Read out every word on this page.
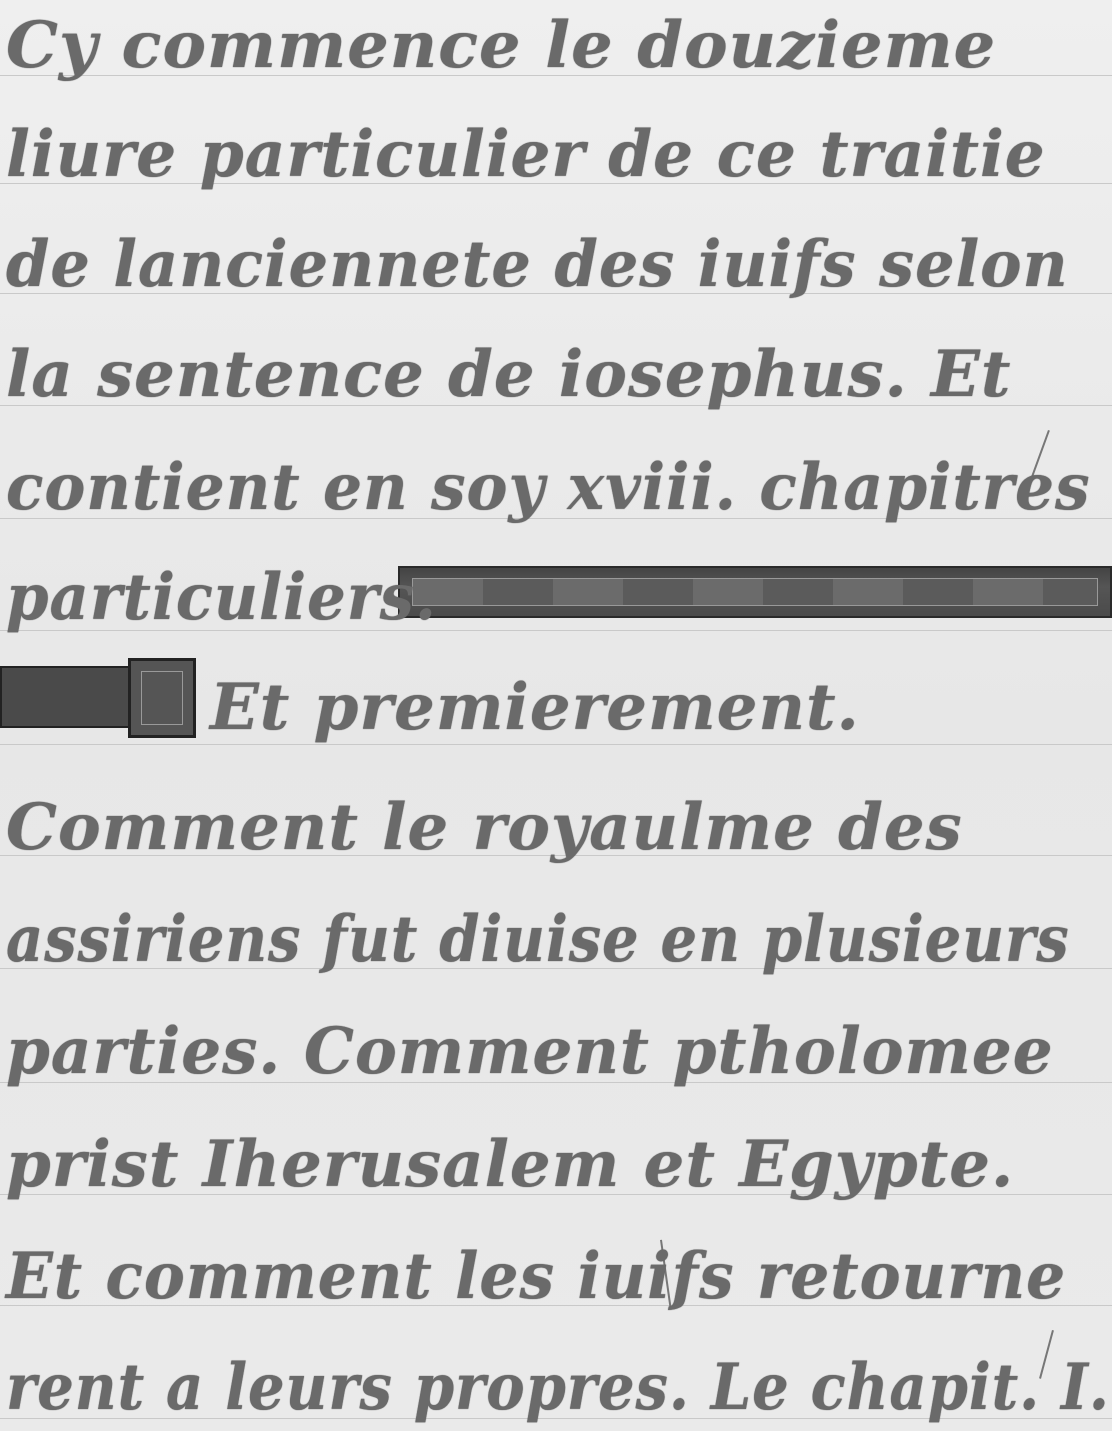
Cy commence le douzieme
liure particulier de ce traitie
de lanciennete des iuifs selon
la sentence de iosephus. Et
contient en soy xviii. chapitres
particuliers.
Et premierement.
Comment le royaulme des
assiriens fut diuise en plusieurs
parties. Comment ptholomee
prist Iherusalem et Egypte.
Et comment les iuifs retourne
rent a leurs propres. Le chapit. I.
